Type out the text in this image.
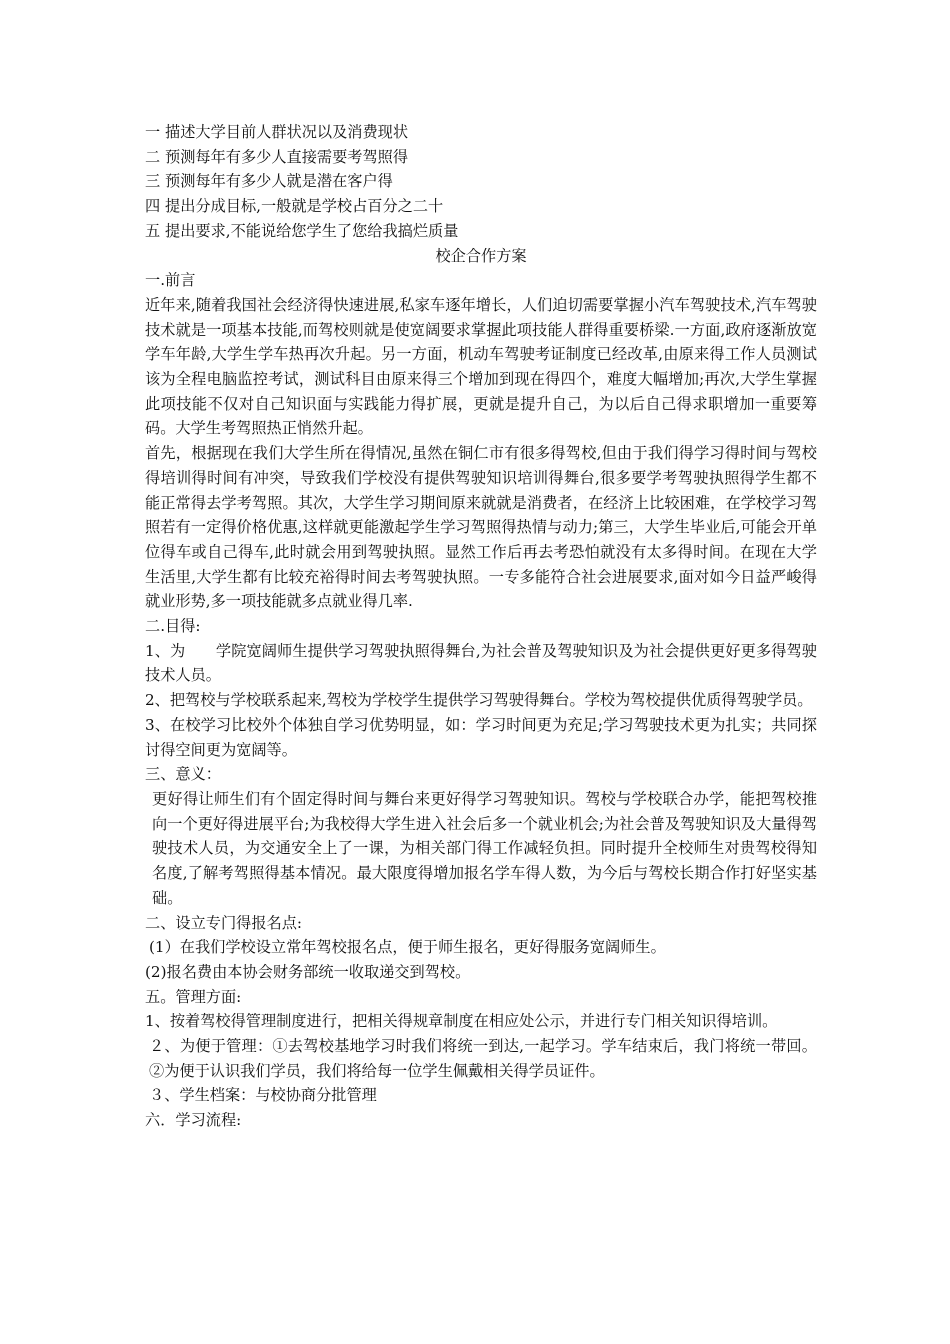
一 描述大学目前人群状况以及消费现状
二 预测每年有多少人直接需要考驾照得
三 预测每年有多少人就是潜在客户得
四 提出分成目标,一般就是学校占百分之二十
五 提出要求,不能说给您学生了您给我搞烂质量
校企合作方案
一.前言

近年来,随着我国社会经济得快速进展,私家车逐年增长，人们迫切需要掌握小汽车驾驶技术,汽车驾驶技术就是一项基本技能,而驾校则就是使宽阔要求掌握此项技能人群得重要桥梁.一方面,政府逐渐放宽学车年龄,大学生学车热再次升起。另一方面，机动车驾驶考证制度已经改革,由原来得工作人员测试该为全程电脑监控考试，测试科目由原来得三个增加到现在得四个，难度大幅增加;再次,大学生掌握此项技能不仅对自己知识面与实践能力得扩展，更就是提升自己，为以后自己得求职增加一重要筹码。大学生考驾照热正悄然升起。

首先，根据现在我们大学生所在得情况,虽然在铜仁市有很多得驾校,但由于我们得学习得时间与驾校得培训得时间有冲突，导致我们学校没有提供驾驶知识培训得舞台,很多要学考驾驶执照得学生都不能正常得去学考驾照。其次，大学生学习期间原来就就是消费者，在经济上比较困难，在学校学习驾照若有一定得价格优惠,这样就更能激起学生学习驾照得热情与动力;第三，大学生毕业后,可能会开单位得车或自己得车,此时就会用到驾驶执照。显然工作后再去考恐怕就没有太多得时间。在现在大学生活里,大学生都有比较充裕得时间去考驾驶执照。一专多能符合社会进展要求,面对如今日益严峻得就业形势,多一项技能就多点就业得几率.

二.目得:

1、为　　学院宽阔师生提供学习驾驶执照得舞台,为社会普及驾驶知识及为社会提供更好更多得驾驶技术人员。

2、把驾校与学校联系起来,驾校为学校学生提供学习驾驶得舞台。学校为驾校提供优质得驾驶学员。

3、在校学习比校外个体独自学习优势明显，如：学习时间更为充足;学习驾驶技术更为扎实；共同探讨得空间更为宽阔等。

三、意义：

更好得让师生们有个固定得时间与舞台来更好得学习驾驶知识。驾校与学校联合办学，能把驾校推向一个更好得进展平台;为我校得大学生进入社会后多一个就业机会;为社会普及驾驶知识及大量得驾驶技术人员，为交通安全上了一课，为相关部门得工作减轻负担。同时提升全校师生对贵驾校得知名度,了解考驾照得基本情况。最大限度得增加报名学车得人数，为今后与驾校长期合作打好坚实基础。

二、设立专门得报名点:
(1）在我们学校设立常年驾校报名点，便于师生报名，更好得服务宽阔师生。
(2)报名费由本协会财务部统一收取递交到驾校。
五。管理方面:

1、按着驾校得管理制度进行，把相关得规章制度在相应处公示，并进行专门相关知识得培训。

２、为便于管理：①去驾校基地学习时我们将统一到达,一起学习。学车结束后，我门将统一带回。②为便于认识我们学员，我们将给每一位学生佩戴相关得学员证件。

３、学生档案：与校协商分批管理
六．学习流程:
